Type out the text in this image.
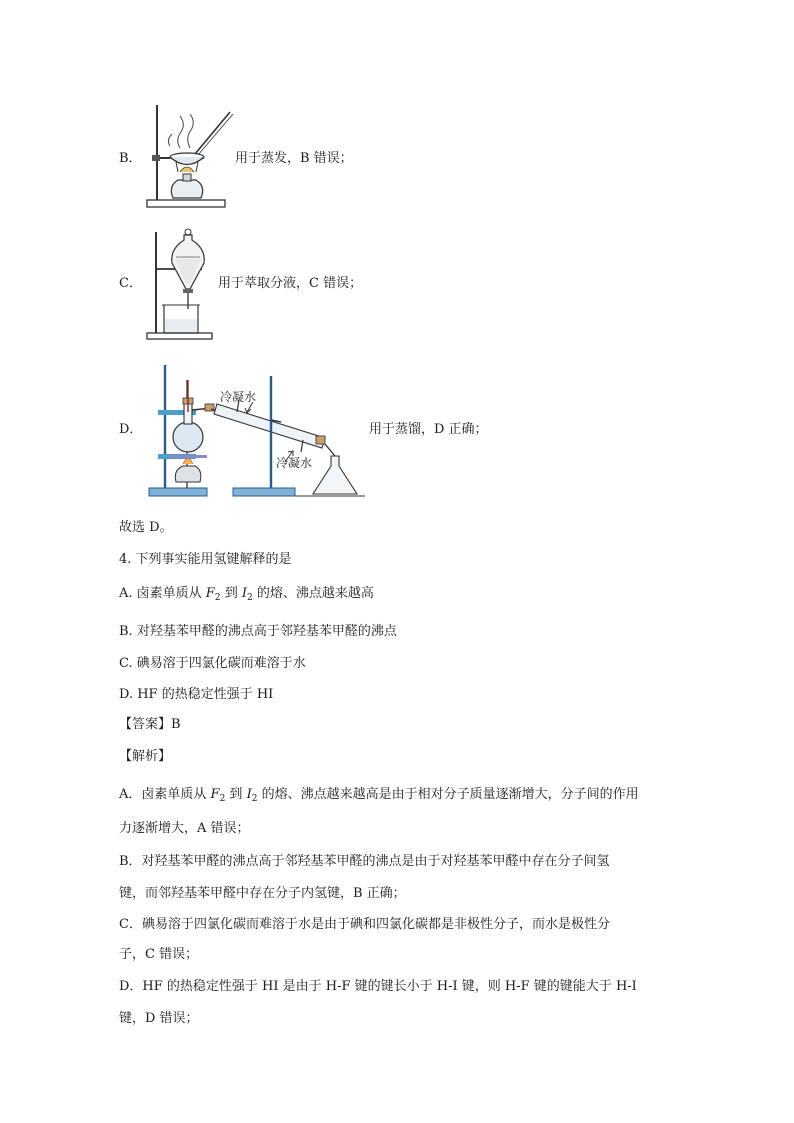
B．	用于蒸发，B 错误；
C．	用于萃取分液，C 错误；
D．
冷凝水
冷凝水
用于蒸馏，D 正确；
故选 D。
4. 下列事实能用氢键解释的是
A. 卤素单质从 $F_2$ 到 $I_2$ 的熔、沸点越来越高
B. 对羟基苯甲醛的沸点高于邻羟基苯甲醛的沸点
C. 碘易溶于四氯化碳而难溶于水
D. HF 的热稳定性强于 HI
【答案】B
【解析】
A．卤素单质从 $F_2$ 到 $I_2$ 的熔、沸点越来越高是由于相对分子质量逐渐增大，分子间的作用
力逐渐增大，A 错误；
B．对羟基苯甲醛的沸点高于邻羟基苯甲醛的沸点是由于对羟基苯甲醛中存在分子间氢
键，而邻羟基苯甲醛中存在分子内氢键，B 正确；
C．碘易溶于四氯化碳而难溶于水是由于碘和四氯化碳都是非极性分子，而水是极性分
子，C 错误；
D．HF 的热稳定性强于 HI 是由于 H-F 键的键长小于 H-I 键，则 H-F 键的键能大于 H-I
键，D 错误；
